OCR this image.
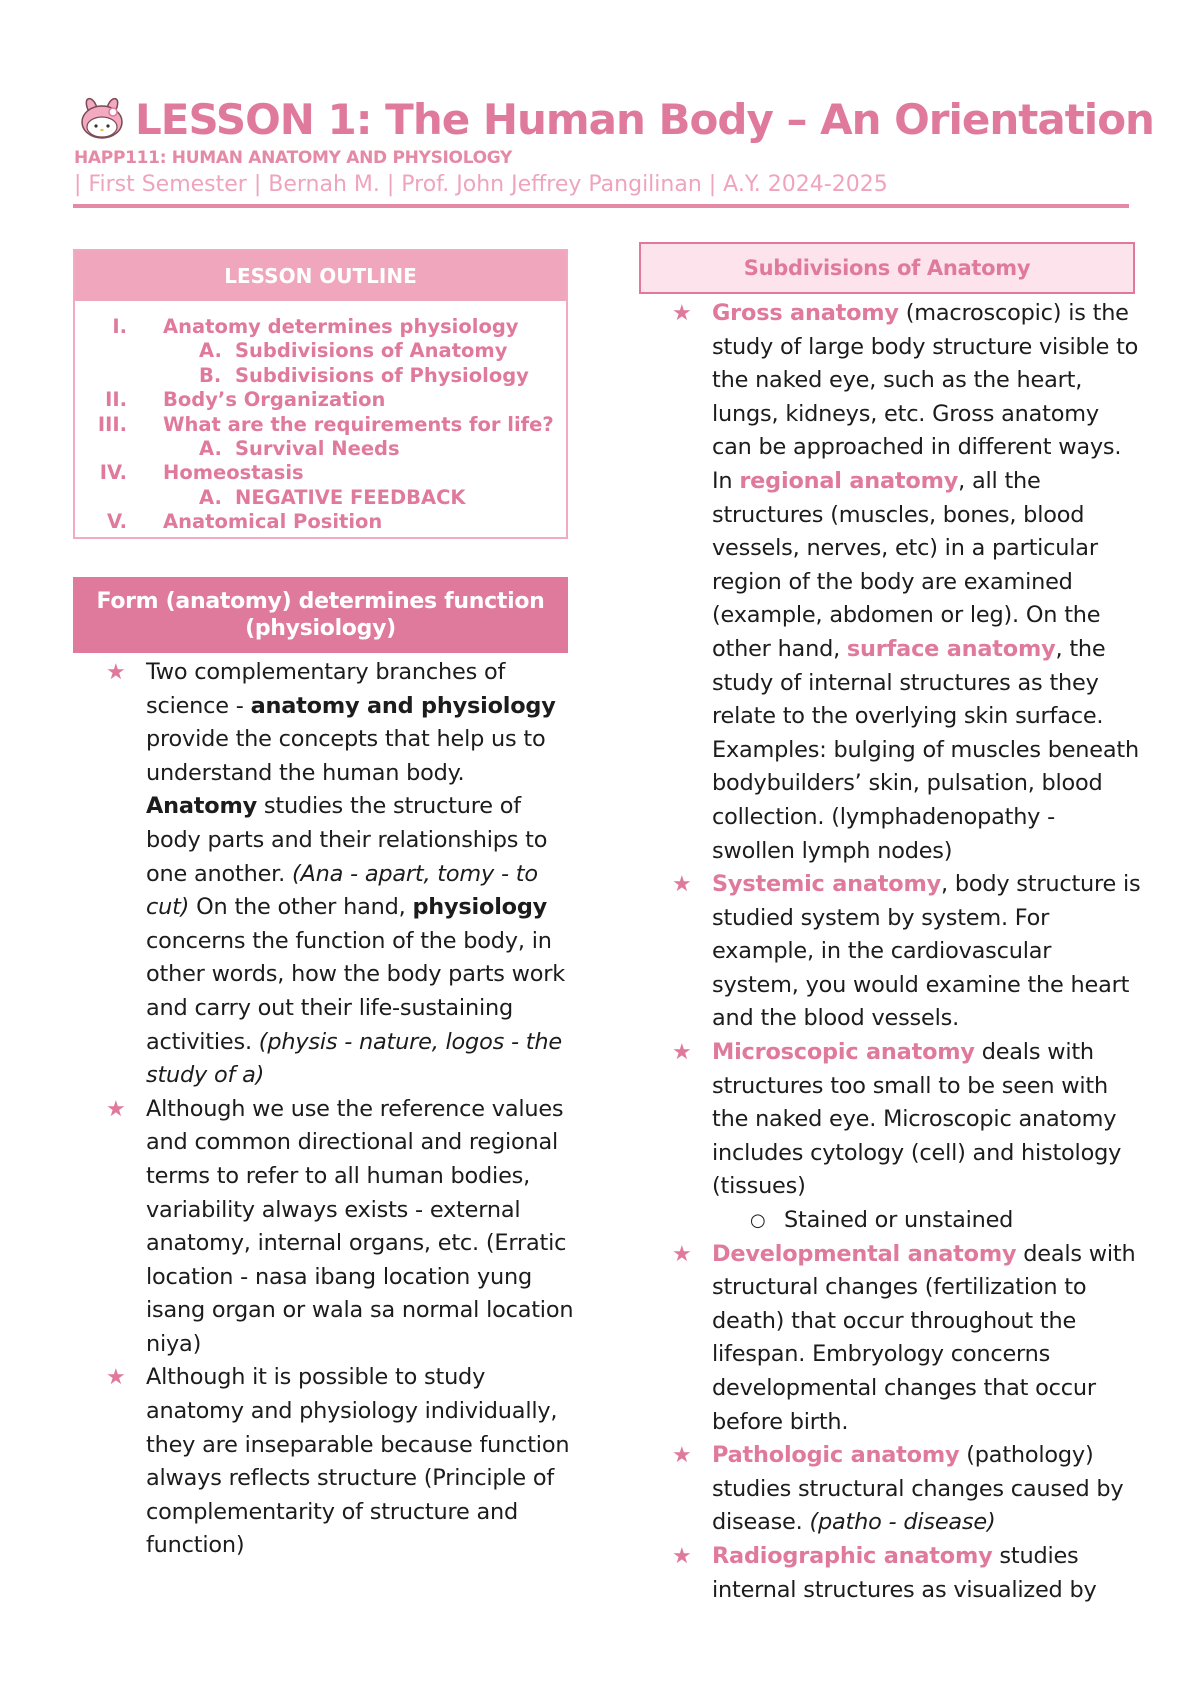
LESSON 1: The Human Body – An Orientation
HAPP111: HUMAN ANATOMY AND PHYSIOLOGY
| First Semester | Bernah M. | Prof. John Jeffrey Pangilinan | A.Y. 2024-2025
LESSON OUTLINE
I.	Anatomy determines physiology
A. Subdivisions of Anatomy
B. Subdivisions of Physiology
II.	Body’s Organization
III.	What are the requirements for life?
A. Survival Needs
IV.	Homeostasis
A. NEGATIVE FEEDBACK
V.	Anatomical Position
Form (anatomy) determines function (physiology)

★ Two complementary branches of science - anatomy and physiology provide the concepts that help us to understand the human body. Anatomy studies the structure of body parts and their relationships to one another. (Ana - apart, tomy - to cut) On the other hand, physiology concerns the function of the body, in other words, how the body parts work and carry out their life-sustaining activities. (physis - nature, logos - the study of a)

★ Although we use the reference values and common directional and regional terms to refer to all human bodies, variability always exists - external anatomy, internal organs, etc. (Erratic location - nasa ibang location yung isang organ or wala sa normal location niya)

★ Although it is possible to study anatomy and physiology individually, they are inseparable because function always reflects structure (Principle of complementarity of structure and function)

Subdivisions of Anatomy

★ Gross anatomy (macroscopic) is the study of large body structure visible to the naked eye, such as the heart, lungs, kidneys, etc. Gross anatomy can be approached in different ways. In regional anatomy, all the structures (muscles, bones, blood vessels, nerves, etc) in a particular region of the body are examined (example, abdomen or leg). On the other hand, surface anatomy, the study of internal structures as they relate to the overlying skin surface. Examples: bulging of muscles beneath bodybuilders’ skin, pulsation, blood collection. (lymphadenopathy - swollen lymph nodes)

★ Systemic anatomy, body structure is studied system by system. For example, in the cardiovascular system, you would examine the heart and the blood vessels.

★ Microscopic anatomy deals with structures too small to be seen with the naked eye. Microscopic anatomy includes cytology (cell) and histology (tissues)

○ Stained or unstained

★ Developmental anatomy deals with structural changes (fertilization to death) that occur throughout the lifespan. Embryology concerns developmental changes that occur before birth.

★ Pathologic anatomy (pathology) studies structural changes caused by disease. (patho - disease)

★ Radiographic anatomy studies internal structures as visualized by
